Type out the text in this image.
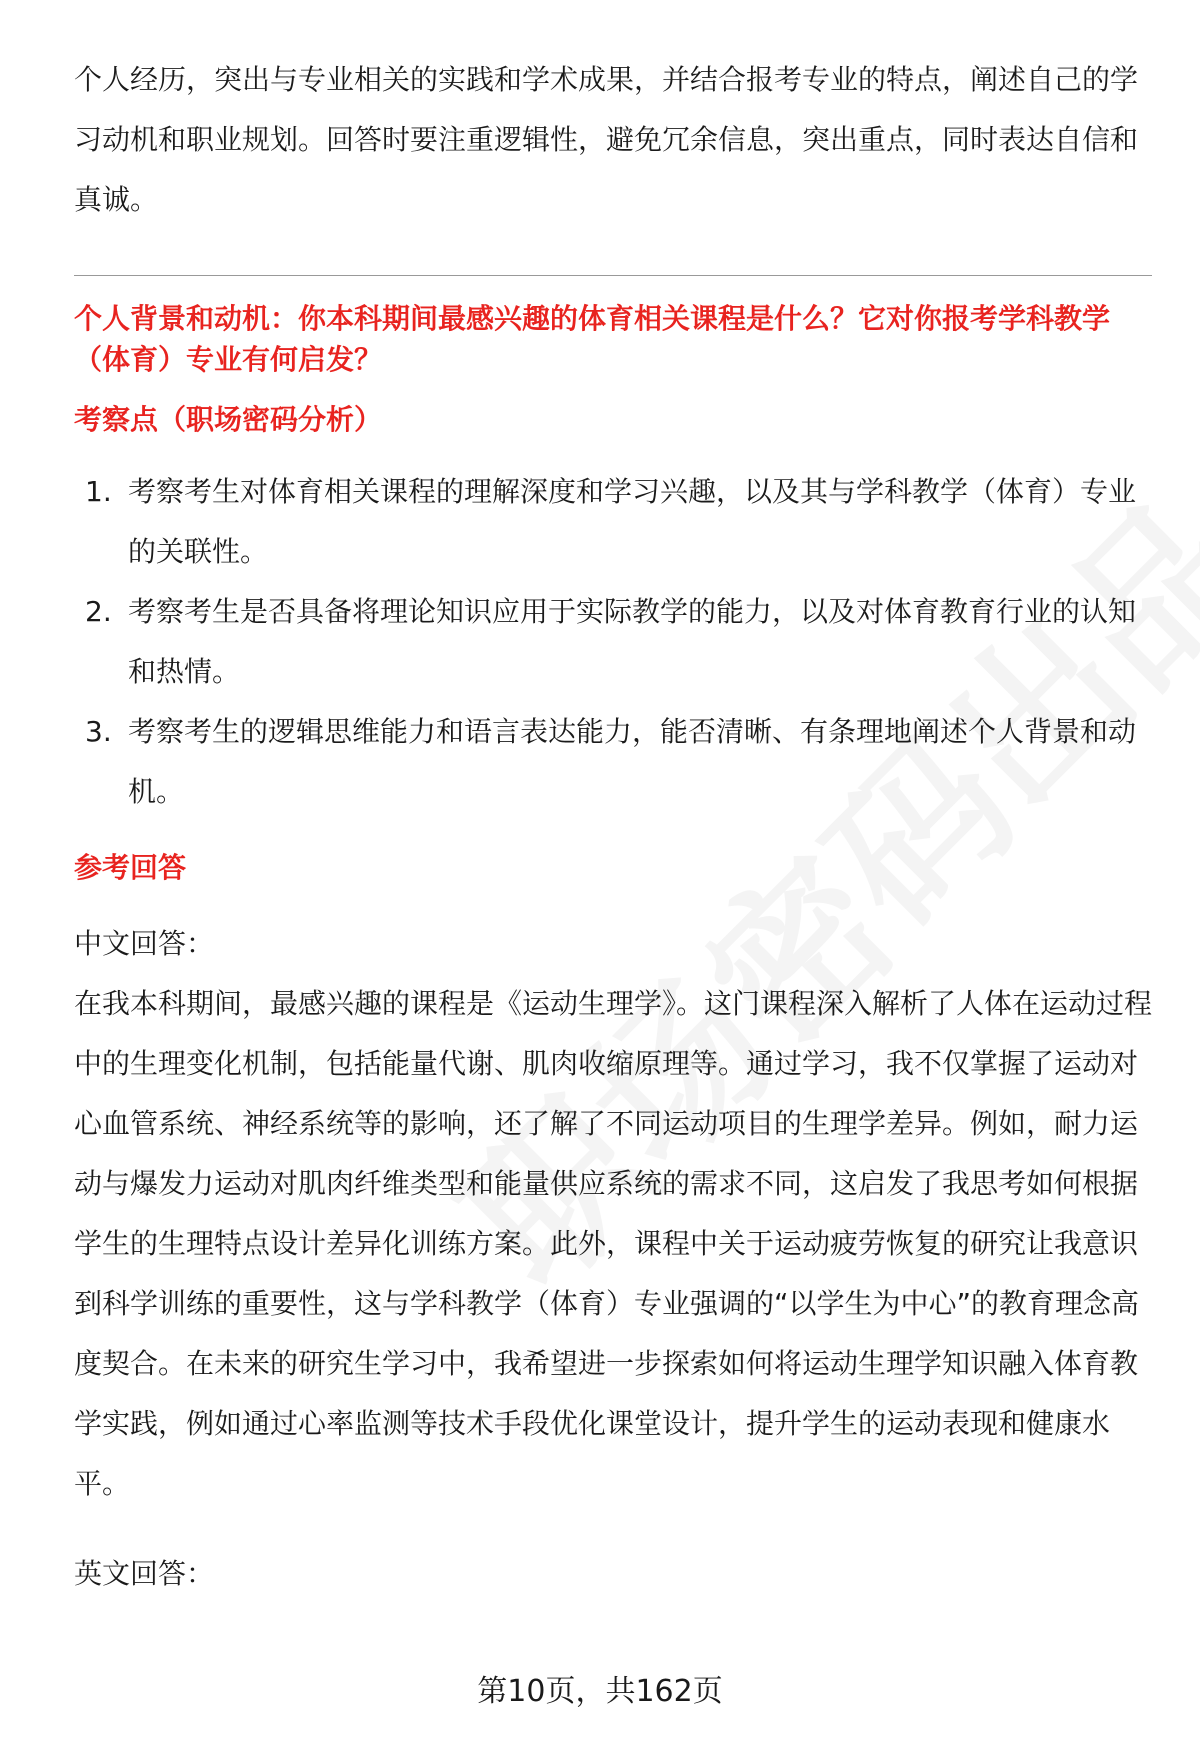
个人经历，突出与专业相关的实践和学术成果，并结合报考专业的特点，阐述自己的学习动机和职业规划。回答时要注重逻辑性，避免冗余信息，突出重点，同时表达自信和真诚。

个人背景和动机：你本科期间最感兴趣的体育相关课程是什么？它对你报考学科教学（体育）专业有何启发？

考察点（职场密码分析）

1. 考察考生对体育相关课程的理解深度和学习兴趣，以及其与学科教学（体育）专业的关联性。
2. 考察考生是否具备将理论知识应用于实际教学的能力，以及对体育教育行业的认知和热情。
3. 考察考生的逻辑思维能力和语言表达能力，能否清晰、有条理地阐述个人背景和动机。

参考回答

中文回答：

在我本科期间，最感兴趣的课程是《运动生理学》。这门课程深入解析了人体在运动过程中的生理变化机制，包括能量代谢、肌肉收缩原理等。通过学习，我不仅掌握了运动对心血管系统、神经系统等的影响，还了解了不同运动项目的生理学差异。例如，耐力运动与爆发力运动对肌肉纤维类型和能量供应系统的需求不同，这启发了我思考如何根据学生的生理特点设计差异化训练方案。此外，课程中关于运动疲劳恢复的研究让我意识到科学训练的重要性，这与学科教学（体育）专业强调的“以学生为中心”的教育理念高度契合。在未来的研究生学习中，我希望进一步探索如何将运动生理学知识融入体育教学实践，例如通过心率监测等技术手段优化课堂设计，提升学生的运动表现和健康水平。

英文回答：

第10页，共162页
